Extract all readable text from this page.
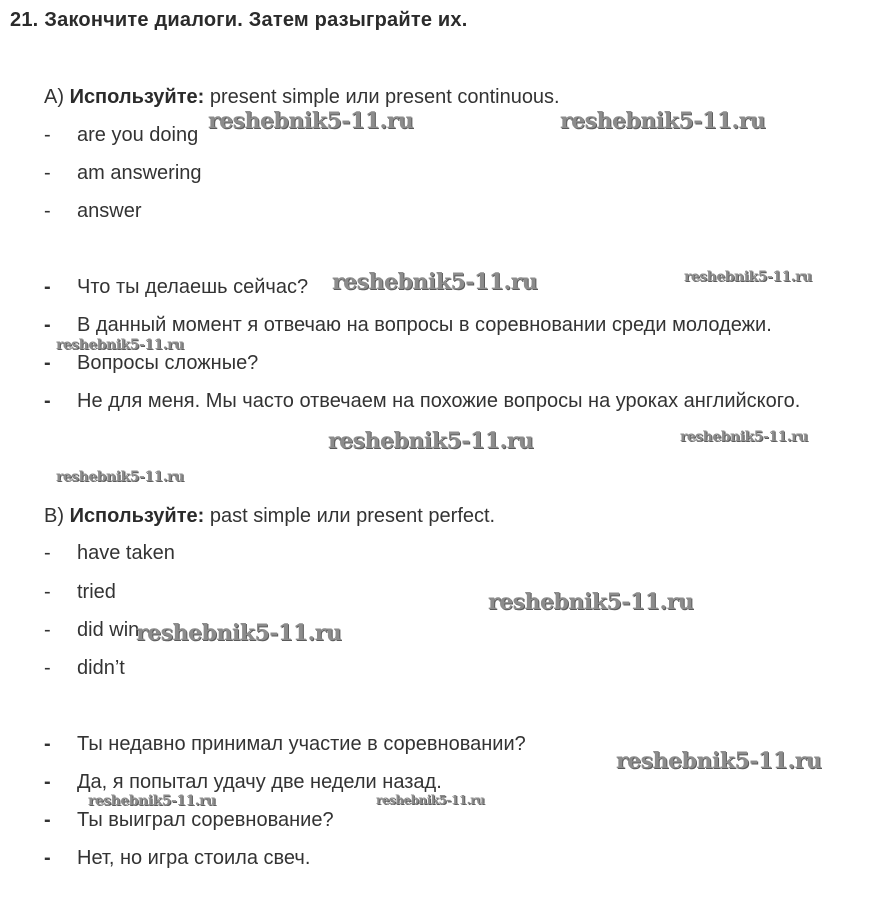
21. Закончите диалоги. Затем разыграйте их.
А) Используйте: present simple или present continuous.
-	are you doing
-	am answering
-	answer
-	Что ты делаешь сейчас?
-	В данный момент я отвечаю на вопросы в соревновании среди молодежи.
-	Вопросы сложные?
-	Не для меня. Мы часто отвечаем на похожие вопросы на уроках английского.
В) Используйте: past simple или present perfect.
-	have taken
-	tried
-	did win
-	didn’t
-	Ты недавно принимал участие в соревновании?
-	Да, я попытал удачу две недели назад.
-	Ты выиграл соревнование?
-	Нет, но игра стоила свеч.
reshebnik5-11.ru	reshebnik5-11.ru
reshebnik5-11.ru	reshebnik5-11.ru
reshebnik5-11.ru
reshebnik5-11.ru	reshebnik5-11.ru
reshebnik5-11.ru
reshebnik5-11.ru
reshebnik5-11.ru
reshebnik5-11.ru
reshebnik5-11.ru	reshebnik5-11.ru
